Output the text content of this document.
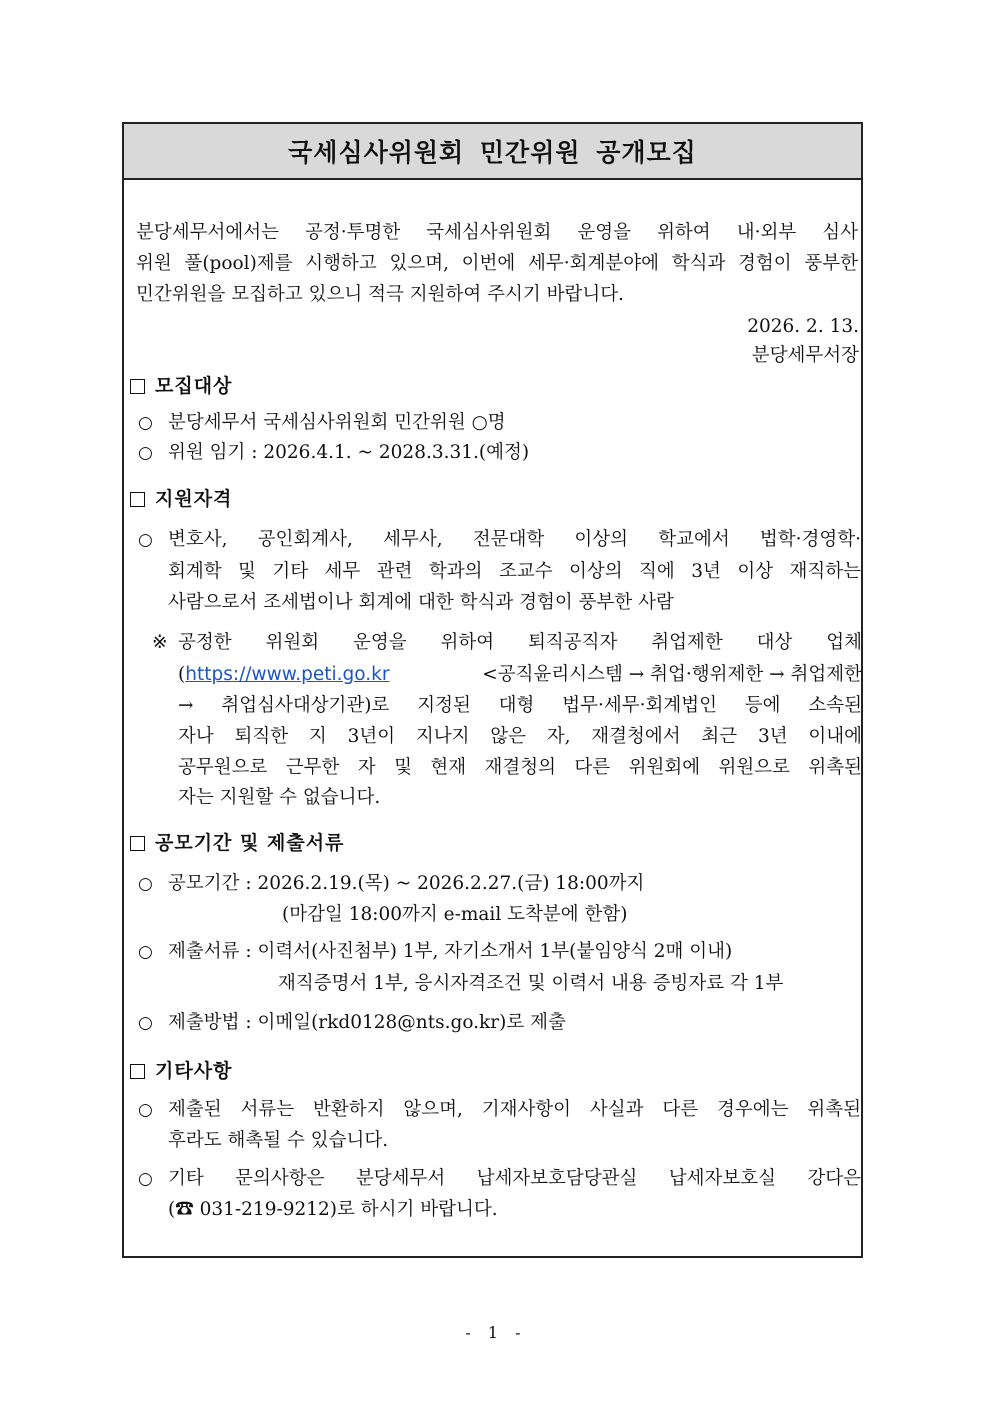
국세심사위원회 민간위원 공개모집
분당세무서에서는 공정·투명한 국세심사위원회 운영을 위하여 내·외부 심사
위원 풀(pool)제를 시행하고 있으며, 이번에 세무·회계분야에 학식과 경험이 풍부한
민간위원을 모집하고 있으니 적극 지원하여 주시기 바랍니다.
2026. 2. 13.
분당세무서장
모집대상
○ 분당세무서 국세심사위원회 민간위원 ○명
○ 위원 임기 : 2026.4.1. ~ 2028.3.31.(예정)
지원자격
○ 변호사, 공인회계사, 세무사, 전문대학 이상의 학교에서 법학·경영학·
회계학 및 기타 세무 관련 학과의 조교수 이상의 직에 3년 이상 재직하는
사람으로서 조세법이나 회계에 대한 학식과 경험이 풍부한 사람
※ 공정한 위원회 운영을 위하여 퇴직공직자 취업제한 대상 업체
(https://www.peti.go.kr	<공직윤리시스템 → 취업·행위제한 → 취업제한
→ 취업심사대상기관)로 지정된 대형 법무·세무·회계법인 등에 소속된
자나 퇴직한 지 3년이 지나지 않은 자, 재결청에서 최근 3년 이내에
공무원으로 근무한 자 및 현재 재결청의 다른 위원회에 위원으로 위촉된
자는 지원할 수 없습니다.
공모기간 및 제출서류
○ 공모기간 : 2026.2.19.(목) ~ 2026.2.27.(금) 18:00까지
(마감일 18:00까지 e-mail 도착분에 한함)
○ 제출서류 : 이력서(사진첨부) 1부, 자기소개서 1부(붙임양식 2매 이내)
재직증명서 1부, 응시자격조건 및 이력서 내용 증빙자료 각 1부
○ 제출방법 : 이메일(rkd0128@nts.go.kr)로 제출
기타사항
○ 제출된 서류는 반환하지 않으며, 기재사항이 사실과 다른 경우에는 위촉된
후라도 해촉될 수 있습니다.
○ 기타 문의사항은 분당세무서 납세자보호담당관실 납세자보호실 강다은
(☎ 031-219-9212)로 하시기 바랍니다.
- 1 -
